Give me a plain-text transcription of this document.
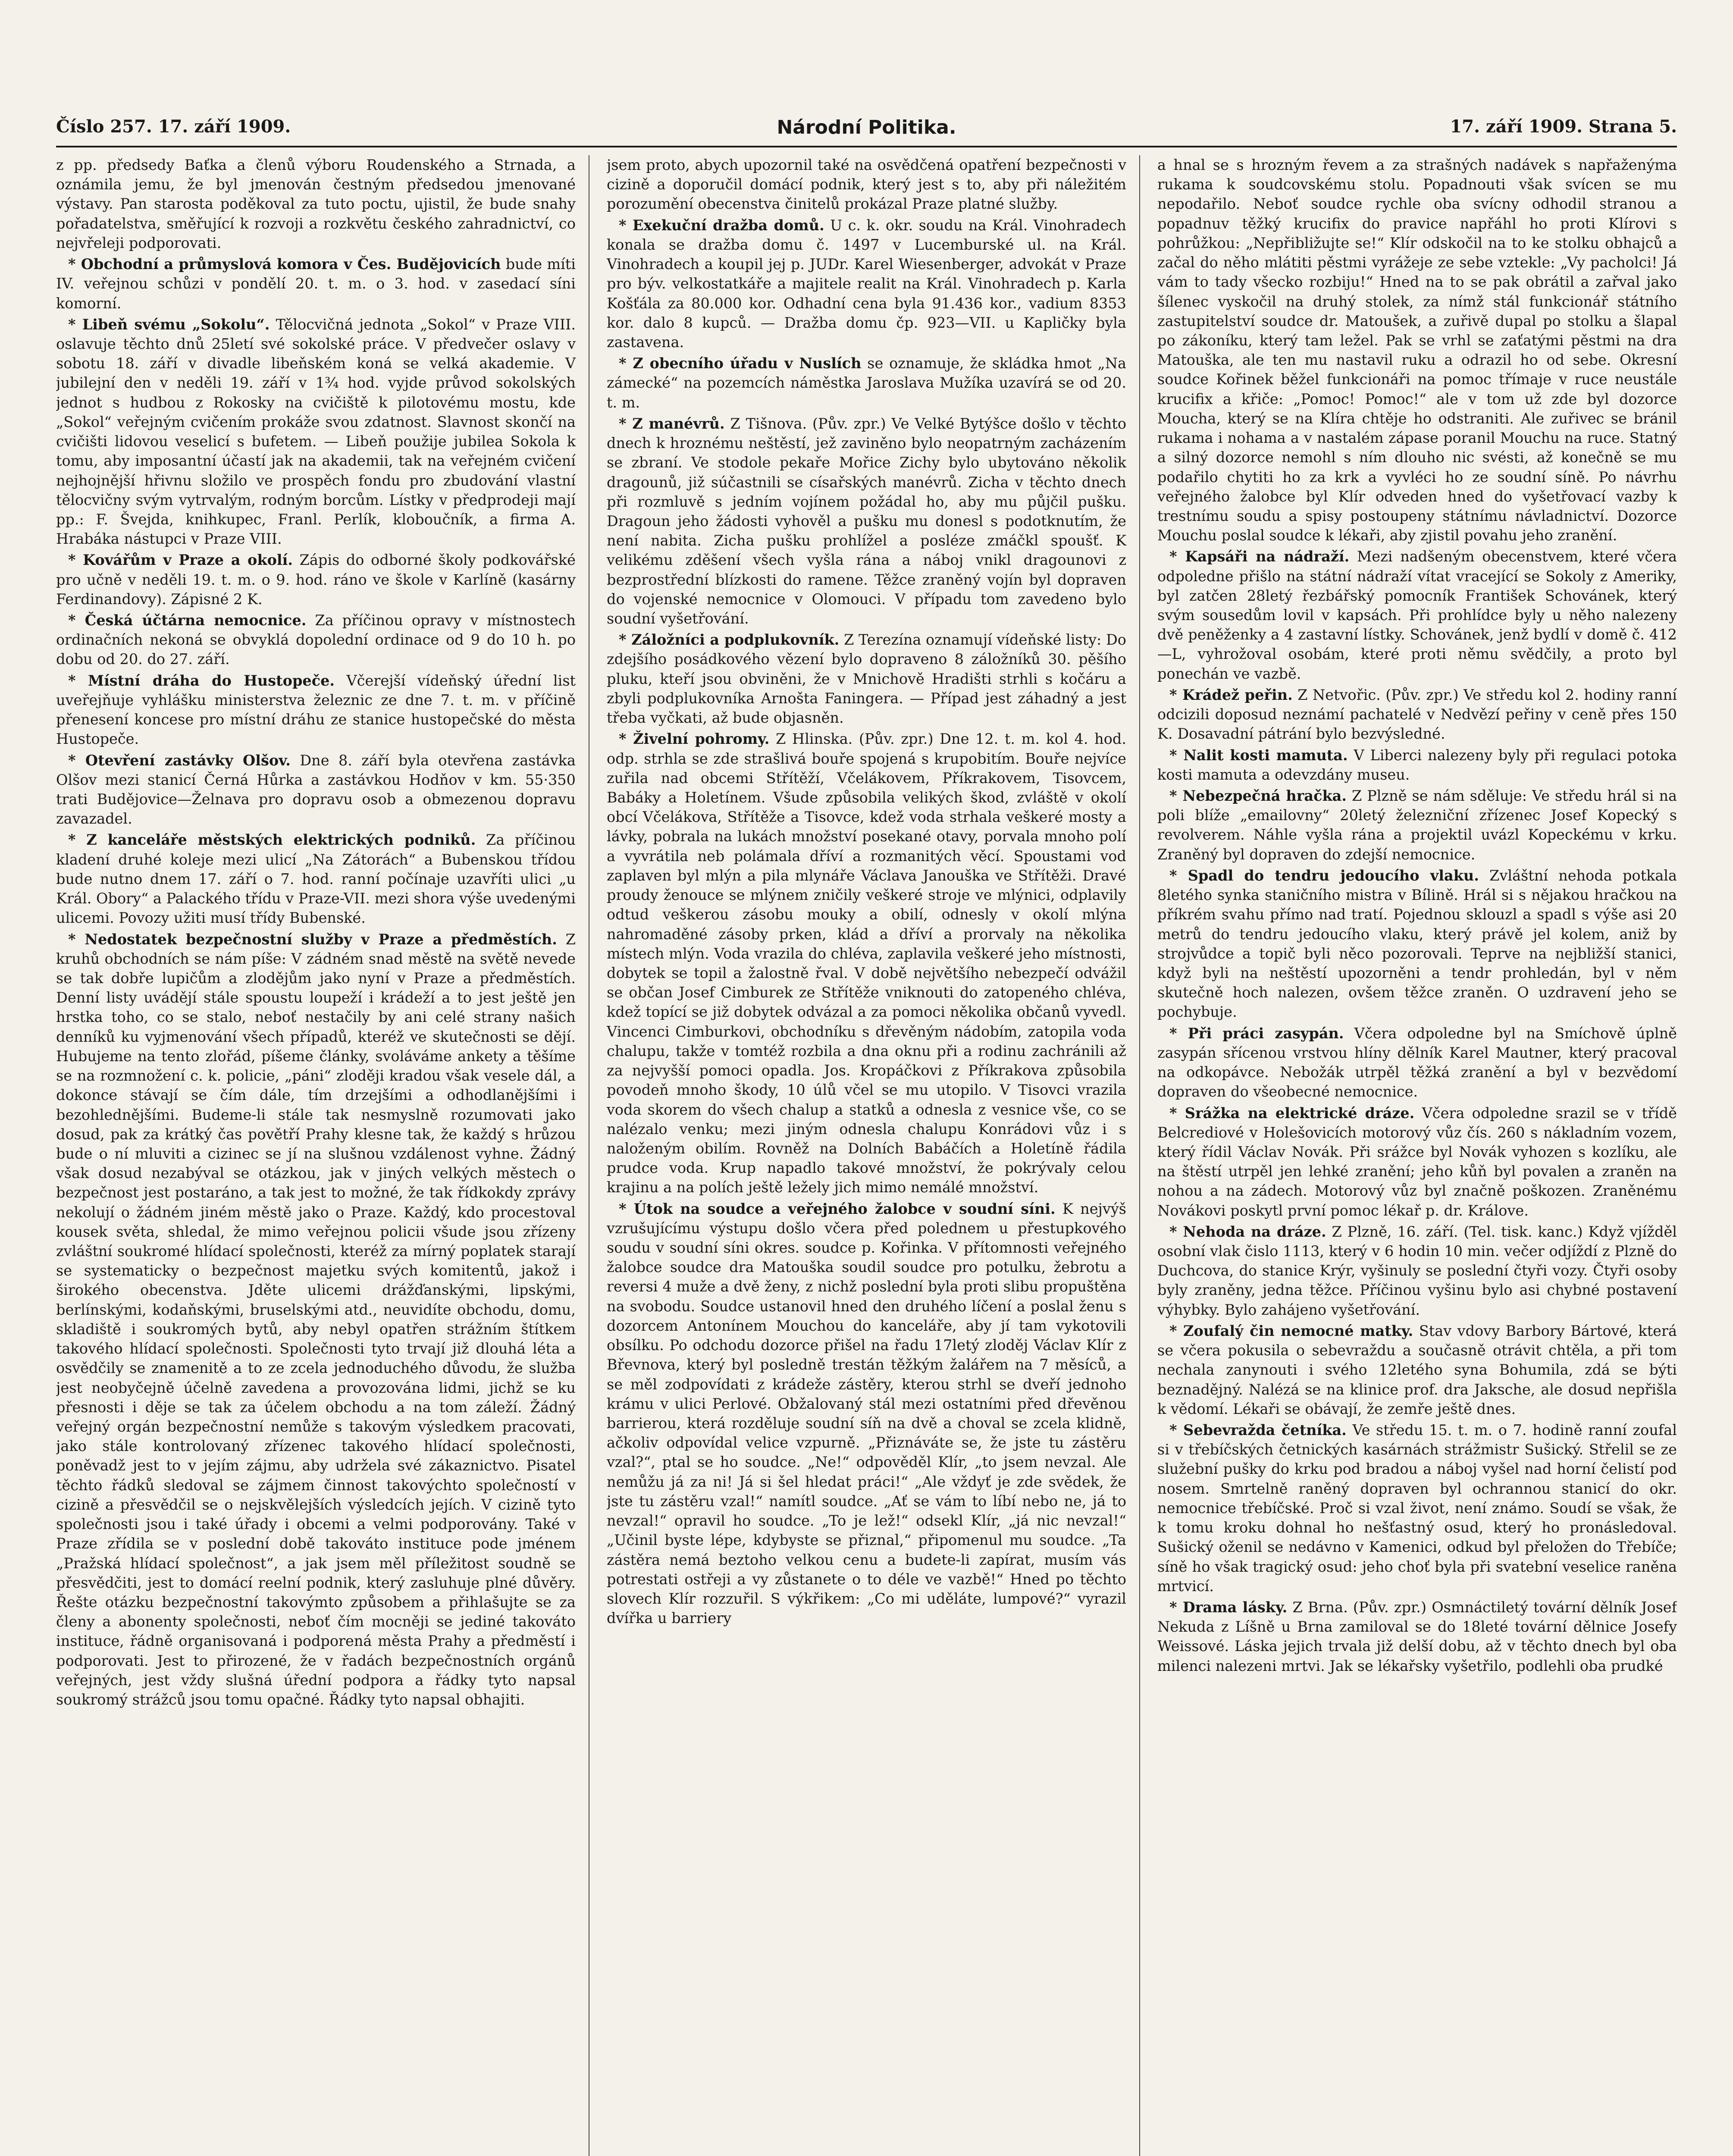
Číslo 257. 17. září 1909.	Národní Politika.	17. září 1909. Strana 5.

z pp. předsedy Baťka a členů výboru Roudenského a Strnada, a oznámila jemu, že byl jmenován čestným předsedou jmenované výstavy. Pan starosta poděkoval za tuto poctu, ujistil, že bude snahy pořadatelstva, směřující k rozvoji a rozkvětu českého zahradnictví, co nejvřeleji podporovati.

* Obchodní a průmyslová komora v Čes. Budějovicích bude míti IV. veřejnou schůzi v pondělí 20. t. m. o 3. hod. v zasedací síni komorní.

* Libeň svému „Sokolu“. Tělocvičná jednota „Sokol“ v Praze VIII. oslavuje těchto dnů 25letí své sokolské práce. V předvečer oslavy v sobotu 18. září v divadle libeňském koná se velká akademie. V jubilejní den v neděli 19. září v 1¾ hod. vyjde průvod sokolských jednot s hudbou z Rokosky na cvičiště k pilotovému mostu, kde „Sokol“ veřejným cvičením prokáže svou zdatnost. Slavnost skončí na cvičišti lidovou veselicí s bufetem. — Libeň použije jubilea Sokola k tomu, aby imposantní účastí jak na akademii, tak na veřejném cvičení nejhojnější hřivnu složilo ve prospěch fondu pro zbudování vlastní tělocvičny svým vytrvalým, rodným borcům. Lístky v předprodeji mají pp.: F. Švejda, knihkupec, Franl. Perlík, kloboučník, a firma A. Hrabáka nástupci v Praze VIII.

* Kovářům v Praze a okolí. Zápis do odborné školy podkovářské pro učně v neděli 19. t. m. o 9. hod. ráno ve škole v Karlíně (kasárny Ferdinandovy). Zápisné 2 K.

* Česká účtárna nemocnice. Za příčinou opravy v místnostech ordinačních nekoná se obvyklá dopolední ordinace od 9 do 10 h. po dobu od 20. do 27. září.

* Místní dráha do Hustopeče. Včerejší vídeňský úřední list uveřejňuje vyhlášku ministerstva železnic ze dne 7. t. m. v příčině přenesení koncese pro místní dráhu ze stanice hustopečské do města Hustopeče.

* Otevření zastávky Olšov. Dne 8. září byla otevřena zastávka Olšov mezi stanicí Černá Hůrka a zastávkou Hodňov v km. 55·350 trati Budějovice—Želnava pro dopravu osob a obmezenou dopravu zavazadel.

* Z kanceláře městských elektrických podniků. Za příčinou kladení druhé koleje mezi ulicí „Na Zátorách“ a Bubenskou třídou bude nutno dnem 17. září o 7. hod. ranní počínaje uzavříti ulici „u Král. Obory“ a Palackého třídu v Praze-VII. mezi shora výše uvedenými ulicemi. Povozy užiti musí třídy Bubenské.

* Nedostatek bezpečnostní služby v Praze a předměstích. Z kruhů obchodních se nám píše: V zádném snad městě na světě nevede se tak dobře lupičům a zlodějům jako nyní v Praze a předměstích. Denní listy uvádějí stále spoustu loupeží i krádeží a to jest ještě jen hrstka toho, co se stalo, neboť nestačily by ani celé strany našich denníků ku vyjmenování všech případů, kteréž ve skutečnosti se dějí. Hubujeme na tento zlořád, píšeme články, svoláváme ankety a těšíme se na rozmnožení c. k. policie, „páni“ zloději kradou však vesele dál, a dokonce stávají se čím dále, tím drzejšími a odhodlanějšími i bezohlednějšími. Budeme-li stále tak nesmyslně rozumovati jako dosud, pak za krátký čas povětří Prahy klesne tak, že každý s hrůzou bude o ní mluviti a cizinec se jí na slušnou vzdálenost vyhne. Žádný však dosud nezabýval se otázkou, jak v jiných velkých městech o bezpečnost jest postaráno, a tak jest to možné, že tak řídkokdy zprávy nekolují o žádném jiném městě jako o Praze. Každý, kdo procestoval kousek světa, shledal, že mimo veřejnou policii všude jsou zřízeny zvláštní soukromé hlídací společnosti, kteréž za mírný poplatek starají se systematicky o bezpečnost majetku svých komitentů, jakož i širokého obecenstva. Jděte ulicemi drážďanskými, lipskými, berlínskými, kodaňskými, bruselskými atd., neuvidíte obchodu, domu, skladiště i soukromých bytů, aby nebyl opatřen strážním štítkem takového hlídací společnosti. Společnosti tyto trvají již dlouhá léta a osvědčily se znamenitě a to ze zcela jednoduchého důvodu, že služba jest neobyčejně účelně zavedena a provozována lidmi, jichž se ku přesnosti i děje se tak za účelem obchodu a na tom záleží. Žádný veřejný orgán bezpečnostní nemůže s takovým výsledkem pracovati, jako stále kontrolovaný zřízenec takového hlídací společnosti, poněvadž jest to v jejím zájmu, aby udržela své zákaznictvo. Pisatel těchto řádků sledoval se zájmem činnost takovýchto společností v cizině a přesvědčil se o nejskvělejších výsledcích jejích. V cizině tyto společnosti jsou i také úřady i obcemi a velmi podporovány. Také v Praze zřídila se v poslední době takováto instituce pode jménem „Pražská hlídací společnost“, a jak jsem měl příležitost soudně se přesvědčiti, jest to domácí reelní podnik, který zasluhuje plné důvěry. Řešte otázku bezpečnostní takovýmto způsobem a přihlašujte se za členy a abonenty společnosti, neboť čím mocněji se jediné takováto instituce, řádně organisovaná i podporená města Prahy a předměstí i podporovati. Jest to přirozené, že v řadách bezpečnostních orgánů veřejných, jest vždy slušná úřední podpora a řádky tyto napsal soukromý strážců jsou tomu opačné. Řádky tyto napsal obhajiti.

jsem proto, abych upozornil také na osvědčená opatření bezpečnosti v cizině a doporučil domácí podnik, který jest s to, aby při náležitém porozumění obecenstva činitelů prokázal Praze platné služby.

* Exekuční dražba domů. U c. k. okr. soudu na Král. Vinohradech konala se dražba domu č. 1497 v Lucemburské ul. na Král. Vinohradech a koupil jej p. JUDr. Karel Wiesenberger, advokát v Praze pro býv. velkostatkáře a majitele realit na Král. Vinohradech p. Karla Košťála za 80.000 kor. Odhadní cena byla 91.436 kor., vadium 8353 kor. dalo 8 kupců. — Dražba domu čp. 923—VII. u Kapličky byla zastavena.

* Z obecního úřadu v Nuslích se oznamuje, že skládka hmot „Na zámecké“ na pozemcích náměstka Jaroslava Mužíka uzavírá se od 20. t. m.

* Z manévrů. Z Tišnova. (Pův. zpr.) Ve Velké Bytýšce došlo v těchto dnech k hroznému neštěstí, jež zaviněno bylo neopatrným zacházením se zbraní. Ve stodole pekaře Mořice Zichy bylo ubytováno několik dragounů, již súčastnili se císařských manévrů. Zicha v těchto dnech při rozmluvě s jedním vojínem požádal ho, aby mu půjčil pušku. Dragoun jeho žádosti vyhověl a pušku mu donesl s podotknutím, že není nabita. Zicha pušku prohlížel a posléze zmáčkl spoušť. K velikému zděšení všech vyšla rána a náboj vnikl dragounovi z bezprostřední blízkosti do ramene. Těžce zraněný vojín byl dopraven do vojenské nemocnice v Olomouci. V případu tom zavedeno bylo soudní vyšetřování.

* Záložníci a podplukovník. Z Terezína oznamují vídeňské listy: Do zdejšího posádkového vězení bylo dopraveno 8 záložníků 30. pěšího pluku, kteří jsou obviněni, že v Mnichově Hradišti strhli s kočáru a zbyli podplukovníka Arnošta Faningera. — Případ jest záhadný a jest třeba vyčkati, až bude objasněn.

* Živelní pohromy. Z Hlinska. (Pův. zpr.) Dne 12. t. m. kol 4. hod. odp. strhla se zde strašlivá bouře spojená s krupobitím. Bouře nejvíce zuřila nad obcemi Střítěží, Včelákovem, Příkrakovem, Tisovcem, Babáky a Holetínem. Všude způsobila velikých škod, zvláště v okolí obcí Včelákova, Střítěže a Tisovce, kdež voda strhala veškeré mosty a lávky, pobrala na lukách množství posekané otavy, porvala mnoho polí a vyvrátila neb polámala dříví a rozmanitých věcí. Spoustami vod zaplaven byl mlýn a pila mlynáře Václava Janouška ve Střítěži. Dravé proudy ženouce se mlýnem zničily veškeré stroje ve mlýnici, odplavily odtud veškerou zásobu mouky a obilí, odnesly v okolí mlýna nahromaděné zásoby prken, klád a dříví a prorvaly na několika místech mlýn. Voda vrazila do chléva, zaplavila veškeré jeho místnosti, dobytek se topil a žalostně řval. V době největšího nebezpečí odvážil se občan Josef Cimburek ze Střítěže vniknouti do zatopeného chléva, kdež topící se již dobytek odvázal a za pomoci několika občanů vyvedl. Vincenci Cimburkovi, obchodníku s dřevěným nádobím, zatopila voda chalupu, takže v tomtéž rozbila a dna oknu při a rodinu zachránili až za nejvyšší pomoci opadla. Jos. Kropáčkovi z Příkrakova způsobila povodeň mnoho škody, 10 úlů včel se mu utopilo. V Tisovci vrazila voda skorem do všech chalup a statků a odnesla z vesnice vše, co se nalézalo venku; mezi jiným odnesla chalupu Konrádovi vůz i s naloženým obilím. Rovněž na Dolních Babáčích a Holetíně řádila prudce voda. Krup napadlo takové množství, že pokrývaly celou krajinu a na polích ještě ležely jich mimo nemálé množství.

* Útok na soudce a veřejného žalobce v soudní síni. K nejvýš vzrušujícímu výstupu došlo včera před polednem u přestupkového soudu v soudní síni okres. soudce p. Kořinka. V přítomnosti veřejného žalobce soudce dra Matouška soudil soudce pro potulku, žebrotu a reversi 4 muže a dvě ženy, z nichž poslední byla proti slibu propuštěna na svobodu. Soudce ustanovil hned den druhého líčení a poslal ženu s dozorcem Antonínem Mouchou do kanceláře, aby jí tam vykotovili obsílku. Po odchodu dozorce přišel na řadu 17letý zloděj Václav Klír z Břevnova, který byl posledně trestán těžkým žalářem na 7 měsíců, a se měl zodpovídati z krádeže zástěry, kterou strhl se dveří jednoho krámu v ulici Perlové. Obžalovaný stál mezi ostatními před dřevěnou barrierou, která rozděluje soudní síň na dvě a choval se zcela klidně, ačkoliv odpovídal velice vzpurně. „Přiznáváte se, že jste tu zástěru vzal?“, ptal se ho soudce. „Ne!“ odpověděl Klír, „to jsem nevzal. Ale nemůžu já za ni! Já si šel hledat práci!“ „Ale vždyť je zde svědek, že jste tu zástěru vzal!“ namítl soudce. „Ať se vám to líbí nebo ne, já to nevzal!“ opravil ho soudce. „To je lež!“ odsekl Klír, „já nic nevzal!“ „Učinil byste lépe, kdybyste se přiznal,“ připomenul mu soudce. „Ta zástěra nemá beztoho velkou cenu a budete-li zapírat, musím vás potrestati ostřeji a vy zůstanete o to déle ve vazbě!“ Hned po těchto slovech Klír rozzuřil. S výkřikem: „Co mi uděláte, lumpové?“ vyrazil dvířka u barriery

a hnal se s hrozným řevem a za strašných nadávek s napřaženýma rukama k soudcovskému stolu. Popadnouti však svícen se mu nepodařilo. Neboť soudce rychle oba svícny odhodil stranou a popadnuv těžký krucifix do pravice napřáhl ho proti Klírovi s pohrůžkou: „Nepřibližujte se!“ Klír odskočil na to ke stolku obhajců a začal do něho mlátiti pěstmi vyrážeje ze sebe vztekle: „Vy pacholci! Já vám to tady všecko rozbiju!“ Hned na to se pak obrátil a zařval jako šílenec vyskočil na druhý stolek, za nímž stál funkcionář státního zastupitelství soudce dr. Matoušek, a zuřivě dupal po stolku a šlapal po zákoníku, který tam ležel. Pak se vrhl se zaťatými pěstmi na dra Matouška, ale ten mu nastavil ruku a odrazil ho od sebe. Okresní soudce Kořinek běžel funkcionáři na pomoc třímaje v ruce neustále krucifix a křiče: „Pomoc! Pomoc!“ ale v tom už zde byl dozorce Moucha, který se na Klíra chtěje ho odstraniti. Ale zuřivec se bránil rukama i nohama a v nastalém zápase poranil Mouchu na ruce. Statný a silný dozorce nemohl s ním dlouho nic svésti, až konečně se mu podařilo chytiti ho za krk a vyvléci ho ze soudní síně. Po návrhu veřejného žalobce byl Klír odveden hned do vyšetřovací vazby k trestnímu soudu a spisy postoupeny státnímu návladnictví. Dozorce Mouchu poslal soudce k lékaři, aby zjistil povahu jeho zranění.

* Kapsáři na nádraží. Mezi nadšeným obecenstvem, které včera odpoledne přišlo na státní nádraží vítat vracející se Sokoly z Ameriky, byl zatčen 28letý řezbářský pomocník František Schovánek, který svým sousedům lovil v kapsách. Při prohlídce byly u něho nalezeny dvě peněženky a 4 zastavní lístky. Schovánek, jenž bydlí v domě č. 412—L, vyhrožoval osobám, které proti němu svědčily, a proto byl ponechán ve vazbě.

* Krádež peřin. Z Netvořic. (Pův. zpr.) Ve středu kol 2. hodiny ranní odcizili doposud neznámí pachatelé v Nedvězí peřiny v ceně přes 150 K. Dosavadní pátrání bylo bezvýsledné.

* Nalit kosti mamuta. V Liberci nalezeny byly při regulaci potoka kosti mamuta a odevzdány museu.

* Nebezpečná hračka. Z Plzně se nám sděluje: Ve středu hrál si na poli blíže „emailovny“ 20letý železniční zřízenec Josef Kopecký s revolverem. Náhle vyšla rána a projektil uvázl Kopeckému v krku. Zraněný byl dopraven do zdejší nemocnice.

* Spadl do tendru jedoucího vlaku. Zvláštní nehoda potkala 8letého synka staničního mistra v Bílině. Hrál si s nějakou hračkou na příkrém svahu přímo nad tratí. Pojednou sklouzl a spadl s výše asi 20 metrů do tendru jedoucího vlaku, který právě jel kolem, aniž by strojvůdce a topič byli něco pozorovali. Teprve na nejbližší stanici, když byli na neštěstí upozorněni a tendr prohledán, byl v něm skutečně hoch nalezen, ovšem těžce zraněn. O uzdravení jeho se pochybuje.

* Při práci zasypán. Včera odpoledne byl na Smíchově úplně zasypán sřícenou vrstvou hlíny dělník Karel Mautner, který pracoval na odkopávce. Nebožák utrpěl těžká zranění a byl v bezvědomí dopraven do všeobecné nemocnice.

* Srážka na elektrické dráze. Včera odpoledne srazil se v třídě Belcrediové v Holešovicích motorový vůz čís. 260 s nákladním vozem, který řídil Václav Novák. Při srážce byl Novák vyhozen s kozlíku, ale na štěstí utrpěl jen lehké zranění; jeho kůň byl povalen a zraněn na nohou a na zádech. Motorový vůz byl značně poškozen. Zraněnému Novákovi poskytl první pomoc lékař p. dr. Králove.

* Nehoda na dráze. Z Plzně, 16. září. (Tel. tisk. kanc.) Když vjížděl osobní vlak čislo 1113, který v 6 hodin 10 min. večer odjíždí z Plzně do Duchcova, do stanice Krýr, vyšinuly se poslední čtyři vozy. Čtyři osoby byly zraněny, jedna těžce. Příčinou vyšinu bylo asi chybné postavení výhybky. Bylo zahájeno vyšetřování.

* Zoufalý čin nemocné matky. Stav vdovy Barbory Bártové, která se včera pokusila o sebevraždu a současně otrávit chtěla, a při tom nechala zanynouti i svého 12letého syna Bohumila, zdá se býti beznadějný. Nalézá se na klinice prof. dra Jaksche, ale dosud nepřišla k vědomí. Lékaři se obávají, že zemře ještě dnes.

* Sebevražda četníka. Ve středu 15. t. m. o 7. hodině ranní zoufal si v třebíčských četnických kasárnách strážmistr Sušický. Střelil se ze služební pušky do krku pod bradou a náboj vyšel nad horní čelistí pod nosem. Smrtelně raněný dopraven byl ochrannou stanicí do okr. nemocnice třebíčské. Proč si vzal život, není známo. Soudí se však, že k tomu kroku dohnal ho nešťastný osud, který ho pronásledoval. Sušický oženil se nedávno v Kamenici, odkud byl přeložen do Třebíče; síně ho však tragický osud: jeho choť byla při svatební veselice raněna mrtvicí.

* Drama lásky. Z Brna. (Pův. zpr.) Osmnáctiletý tovární dělník Josef Nekuda z Líšně u Brna zamiloval se do 18leté tovární dělnice Josefy Weissové. Láska jejich trvala již delší dobu, až v těchto dnech byl oba milenci nalezeni mrtvi. Jak se lékařsky vyšetřilo, podlehli oba prudké
